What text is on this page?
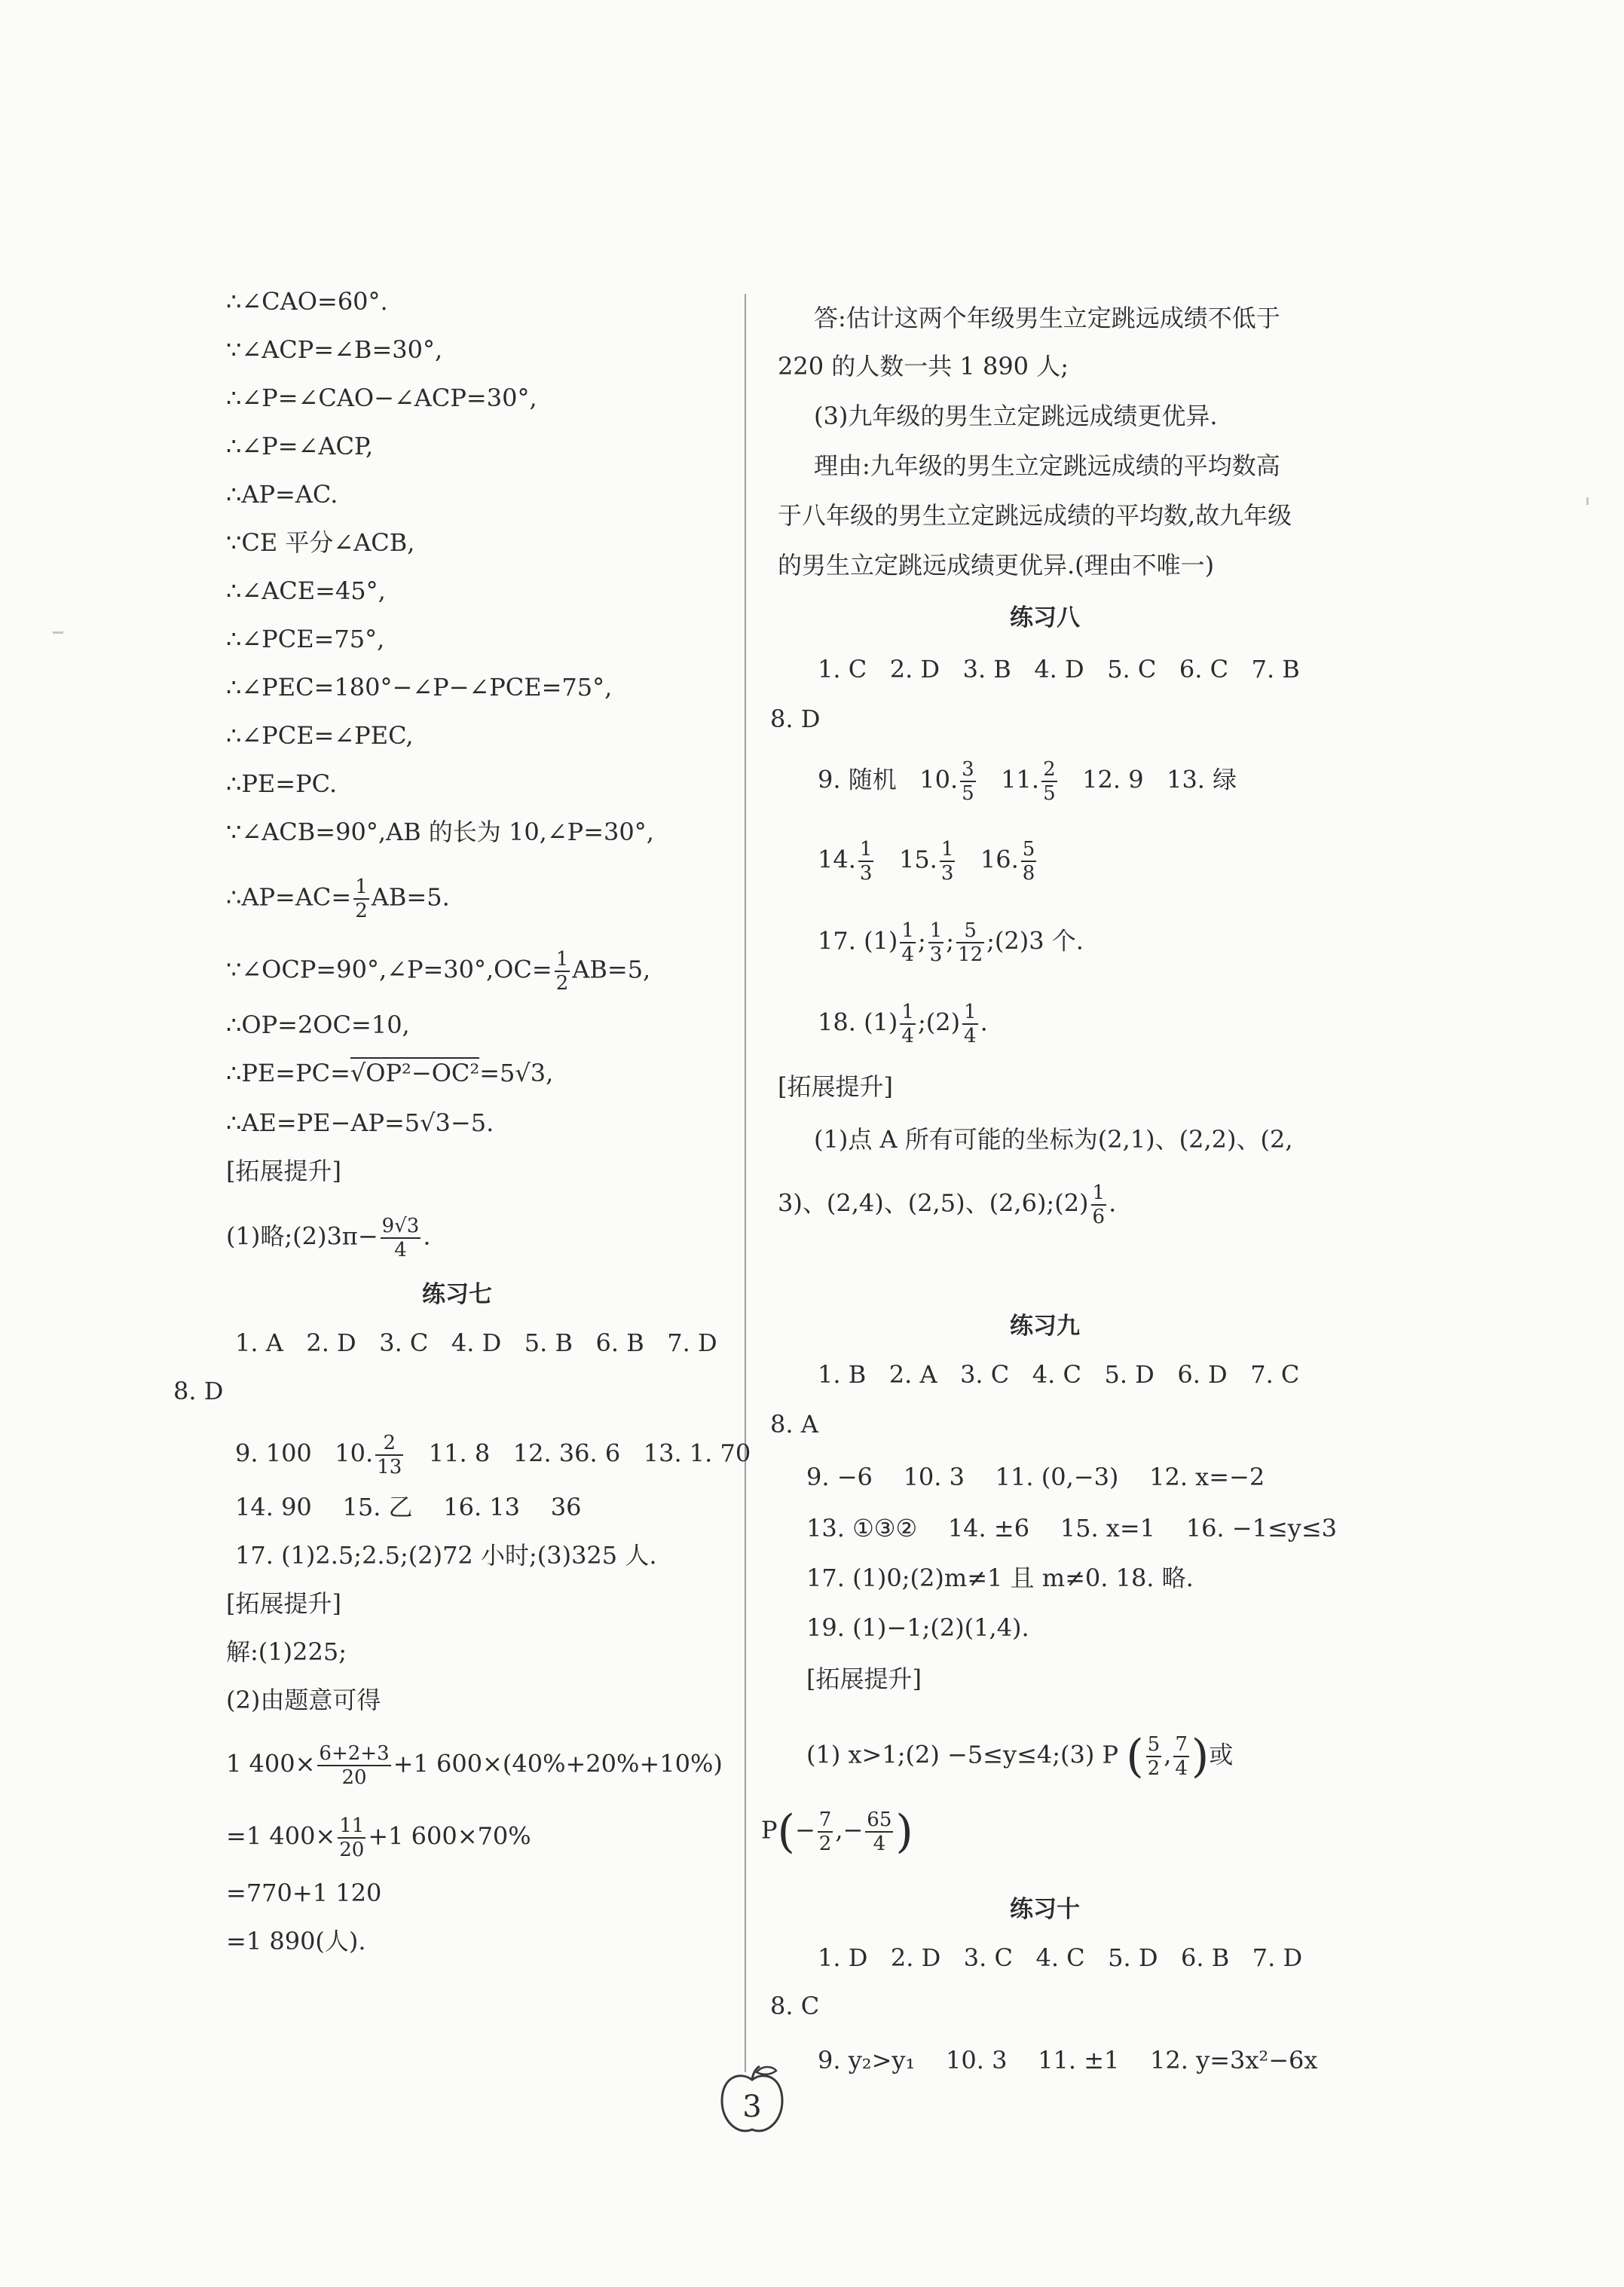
∴∠CAO=60°.
∵∠ACP=∠B=30°,
∴∠P=∠CAO−∠ACP=30°,
∴∠P=∠ACP,
∴AP=AC.
∵CE 平分∠ACB,
∴∠ACE=45°,
∴∠PCE=75°,
∴∠PEC=180°−∠P−∠PCE=75°,
∴∠PCE=∠PEC,
∴PE=PC.
∵∠ACB=90°,AB 的长为 10,∠P=30°,
∴AP=AC= $\frac{1}{2} AB=5$.
∵∠OCP=90°,∠P=30°,OC= $\frac{1}{2} AB=5$,
∴OP=2OC=10,
∴PE=PC=√OP²−OC²=5√3,
∴AE=PE−AP=5√3−5.
[拓展提升]
(1)略;(2)3π− $\frac{9√3}{4}$ .
练习七
1. A 2. D 3. C 4. D 5. B 6. B 7. D
8. D
9. 100 10. $\frac{2}{13} 11$. 8 12. 36. 6 13. 1. 70
14. 90 15. 乙 16. 13 36
17. (1)2.5;2.5;(2)72 小时;(3)325 人.
[拓展提升]
解:(1)225;
(2)由题意可得
1 $400\times \frac{6+2+3}{20} +1$ 600×(40%+20%+10%)
=1 $400\times \frac{11}{20} +1$ 600×70%
=770+1 120
=1 890(人).
答:估计这两个年级男生立定跳远成绩不低于
220 的人数一共 1 890 人;
(3)九年级的男生立定跳远成绩更优异.
理由:九年级的男生立定跳远成绩的平均数高
于八年级的男生立定跳远成绩的平均数,故九年级
的男生立定跳远成绩更优异.(理由不唯一)
练习八
1. C 2. D 3. B 4. D 5. C 6. C 7. B
8. D
9. 随机 10. $\frac{3}{5} 11$. $\frac{2}{5} 12$. 9 13. 绿
14. $\frac{1}{3} 15$. $\frac{1}{3} 16$. $\frac{5}{8}$
17. $(1) \frac{1}{4}$ ; $\frac{1}{3}$ ; $\frac{5}{12}$ ;(2)3 个.
18. $(1) \frac{1}{4}$ ;(2) $\frac{1}{4}$ .
[拓展提升]
(1)点 A 所有可能的坐标为(2,1)、(2,2)、(2,
3)、(2,4)、(2,5)、(2,6);(2) $\frac{1}{6}$ .
练习九
1. B 2. A 3. C 4. C 5. D 6. D 7. C
8. A
9. −6 10. 3 11. (0,−3) 12. x=−2
13. ①③② 14. ±6 15. x=1 16. −1≤y≤3
17. (1)0;(2)m≠1 且 m≠0. 18. 略.
19. (1)−1;(2)(1,4).
[拓展提升]
(1) x>1;(2) −5≤y≤4;(3) P ( $\frac{5}{2}$ , $\frac{7}{4}$ )或
$P(- \frac{7}{2}$ ,− $\frac{65}{4}$ )
练习十
1. D 2. D 3. C 4. C 5. D 6. B 7. D
8. C
9. y₂>y₁ 10. 3 11. ±1 12. y=3x²−6x
3
